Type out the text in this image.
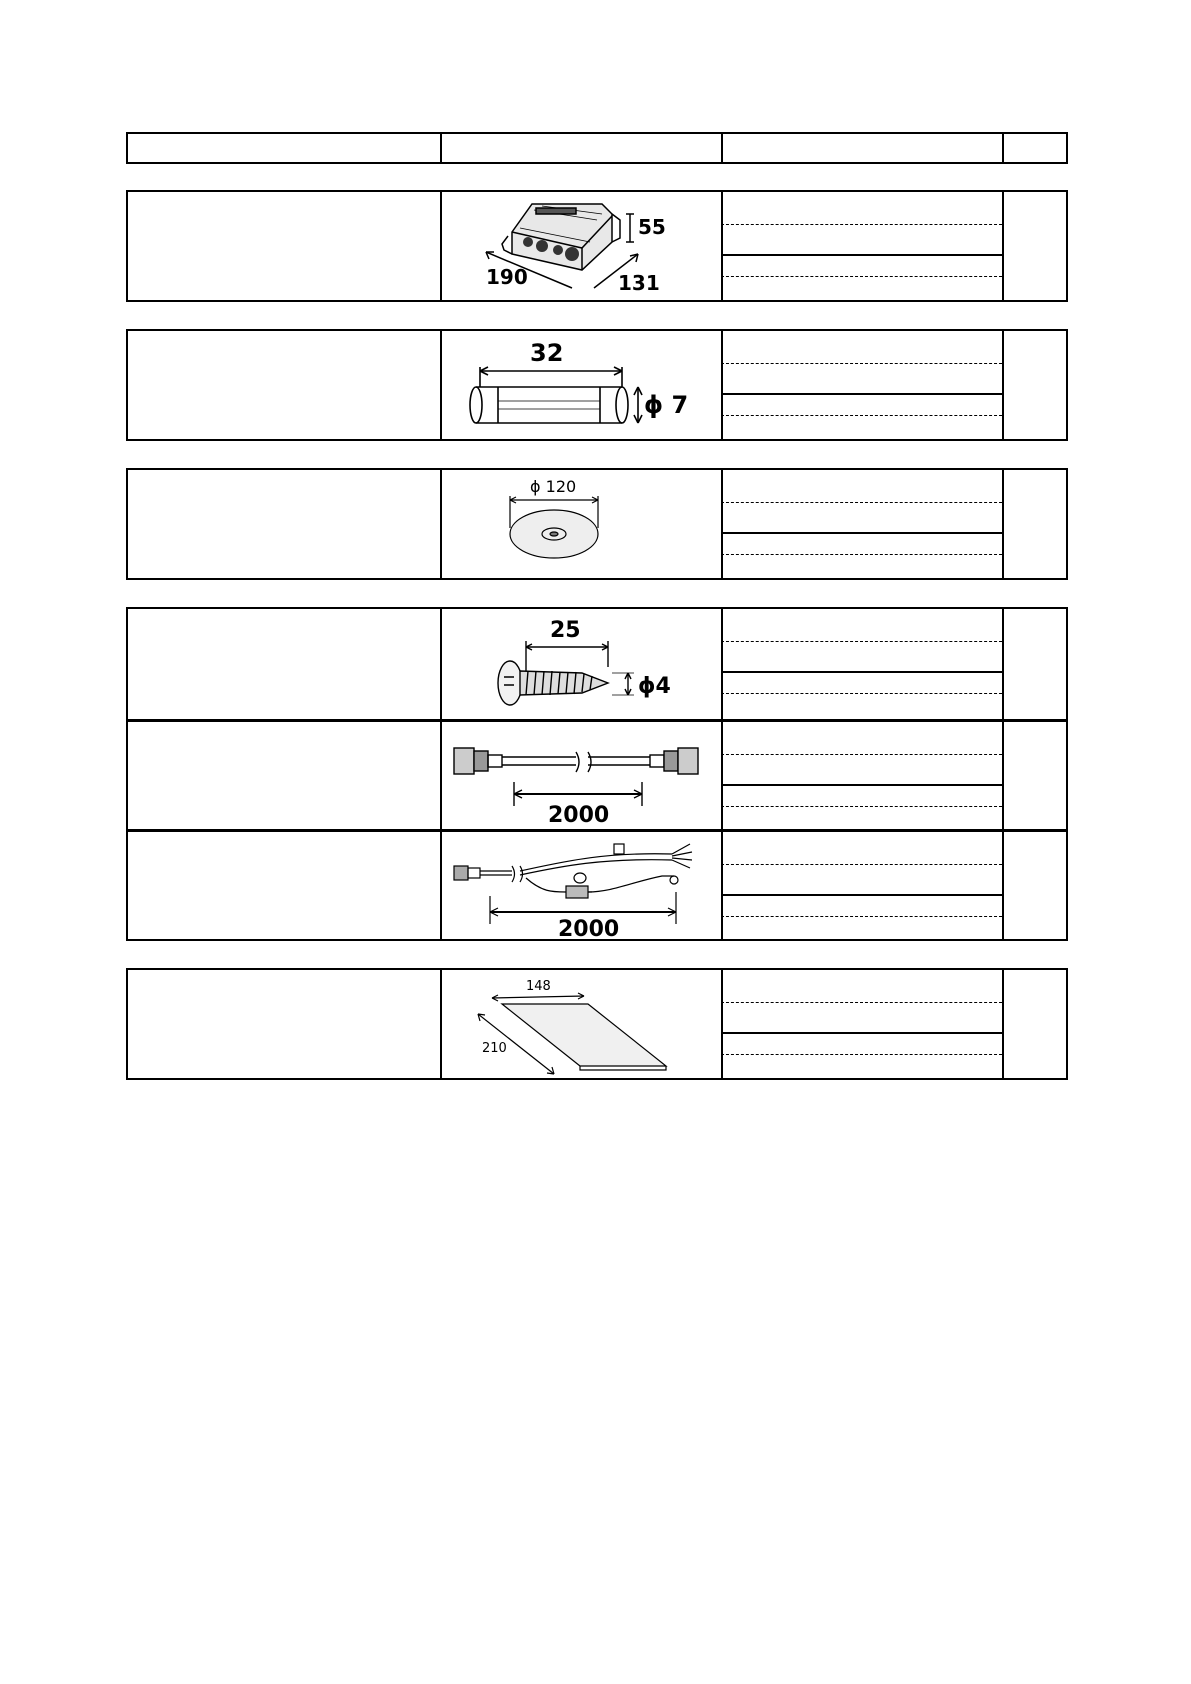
55
190	131
32
ϕ 7
ϕ 120
25
ϕ4
2000
2000
148
210
